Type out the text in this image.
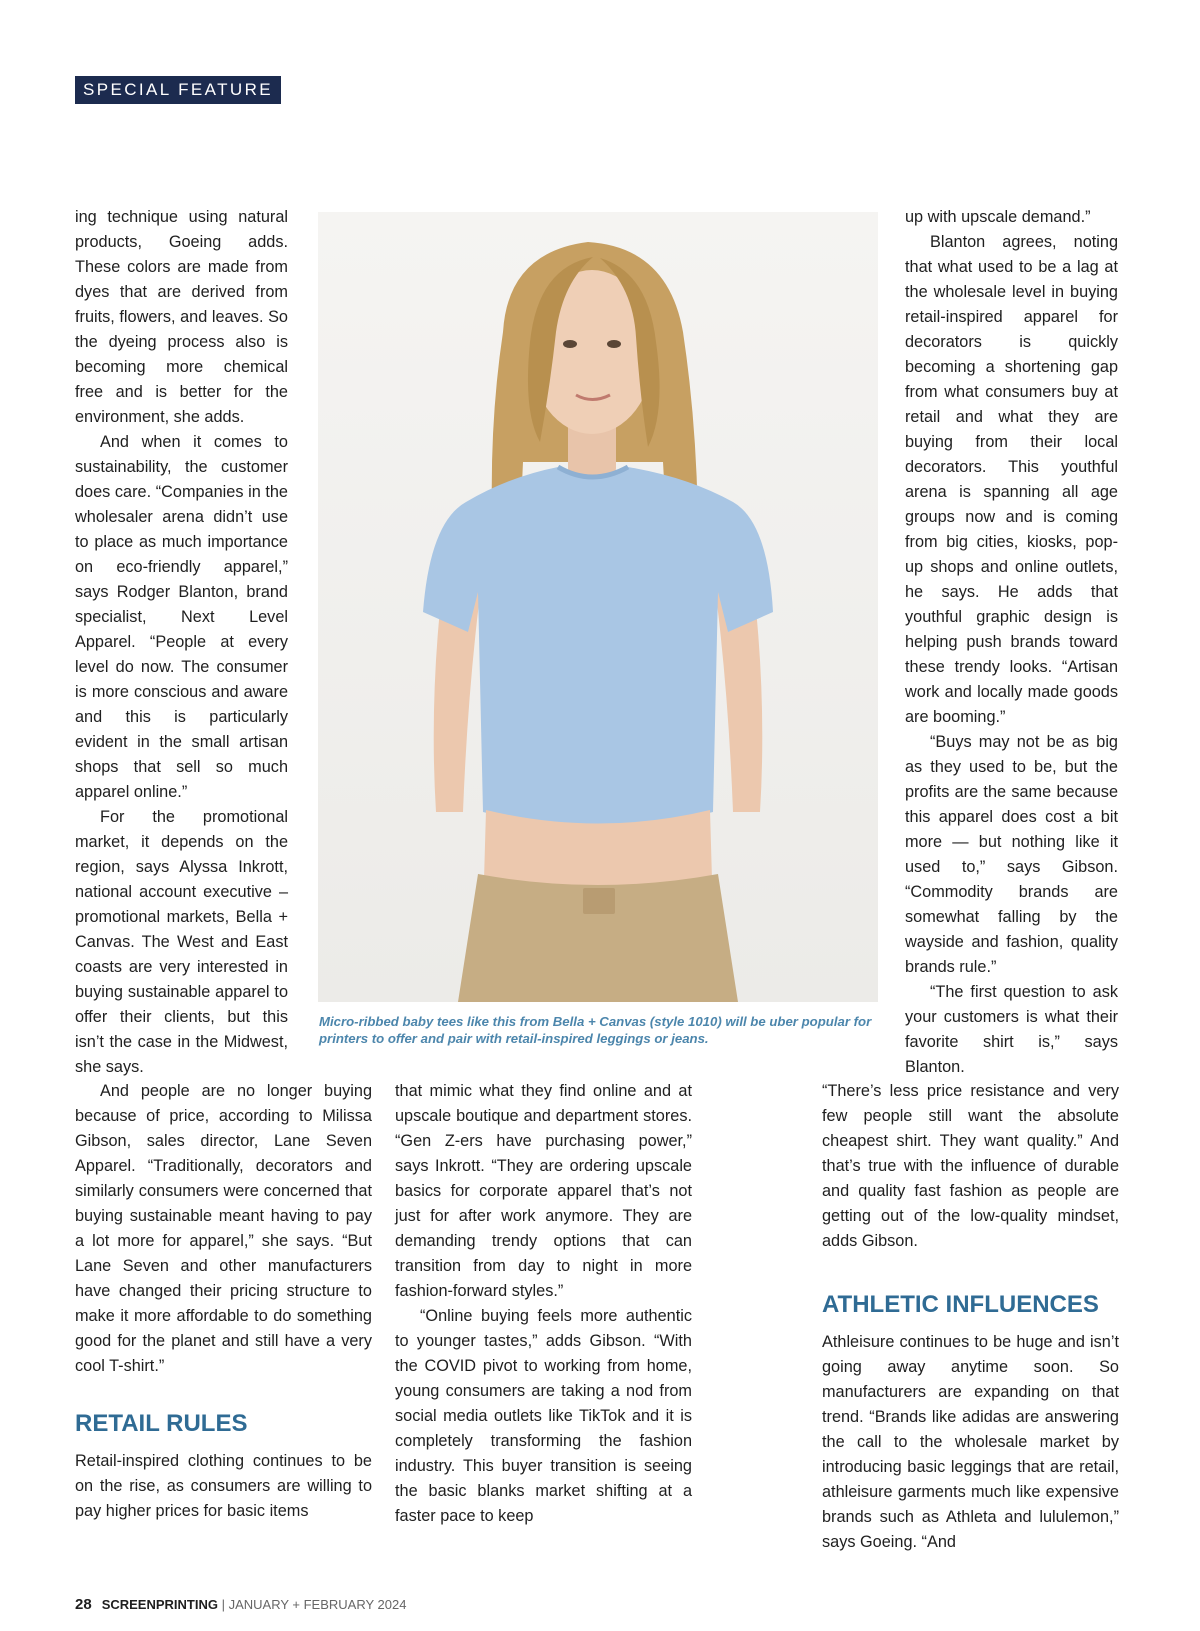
SPECIAL FEATURE

ing technique using natural products, Goeing adds. These colors are made from dyes that are derived from fruits, flowers, and leaves. So the dyeing process also is becoming more chemical free and is better for the environment, she adds.

And when it comes to sustainability, the customer does care. “Companies in the wholesaler arena didn’t use to place as much importance on eco-friendly apparel,” says Rodger Blanton, brand specialist, Next Level Apparel. “People at every level do now. The consumer is more conscious and aware and this is particularly evident in the small artisan shops that sell so much apparel online.”

For the promotional market, it depends on the region, says Alyssa Inkrott, national account executive – promotional markets, Bella + Canvas. The West and East coasts are very interested in buying sustainable apparel to offer their clients, but this isn’t the case in the Midwest, she says.

Micro-ribbed baby tees like this from Bella + Canvas (style 1010) will be uber popular for printers to offer and pair with retail-inspired leggings or jeans.

And people are no longer buying because of price, according to Milissa Gibson, sales director, Lane Seven Apparel. “Traditionally, decorators and similarly consumers were concerned that buying sustainable meant having to pay a lot more for apparel,” she says. “But Lane Seven and other manufacturers have changed their pricing structure to make it more affordable to do something good for the planet and still have a very cool T-shirt.”

RETAIL RULES

Retail-inspired clothing continues to be on the rise, as consumers are willing to pay higher prices for basic items

that mimic what they find online and at upscale boutique and department stores. “Gen Z-ers have purchasing power,” says Inkrott. “They are ordering upscale basics for corporate apparel that’s not just for after work anymore. They are demanding trendy options that can transition from day to night in more fashion-forward styles.”

“Online buying feels more authentic to younger tastes,” adds Gibson. “With the COVID pivot to working from home, young consumers are taking a nod from social media outlets like TikTok and it is completely transforming the fashion industry. This buyer transition is seeing the basic blanks market shifting at a faster pace to keep

up with upscale demand.”

Blanton agrees, noting that what used to be a lag at the wholesale level in buying retail-inspired apparel for decorators is quickly becoming a shortening gap from what consumers buy at retail and what they are buying from their local decorators. This youthful arena is spanning all age groups now and is coming from big cities, kiosks, pop-up shops and online outlets, he says. He adds that youthful graphic design is helping push brands toward these trendy looks. “Artisan work and locally made goods are booming.”

“Buys may not be as big as they used to be, but the profits are the same because this apparel does cost a bit more — but nothing like it used to,” says Gibson. “Commodity brands are somewhat falling by the wayside and fashion, quality brands rule.”

“The first question to ask your customers is what their favorite shirt is,” says Blanton.

“There’s less price resistance and very few people still want the absolute cheapest shirt. They want quality.” And that’s true with the influence of durable and quality fast fashion as people are getting out of the low-quality mindset, adds Gibson.

ATHLETIC INFLUENCES

Athleisure continues to be huge and isn’t going away anytime soon. So manufacturers are expanding on that trend. “Brands like adidas are answering the call to the wholesale market by introducing basic leggings that are retail, athleisure garments much like expensive brands such as Athleta and lululemon,” says Goeing. “And

28 SCREENPRINTING | JANUARY + FEBRUARY 2024
